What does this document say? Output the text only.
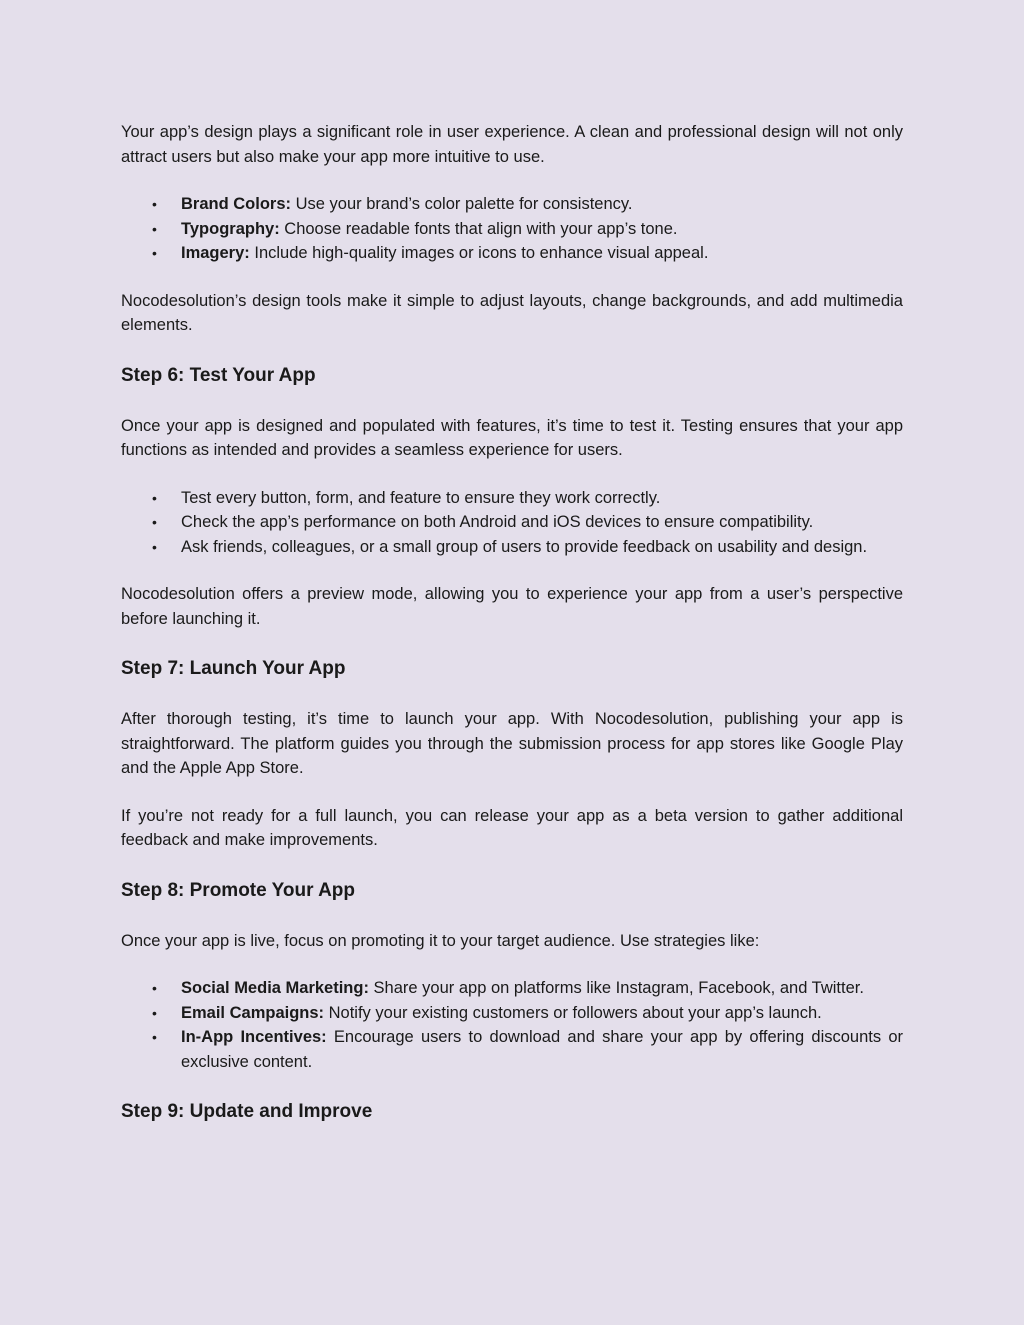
Your app’s design plays a significant role in user experience. A clean and professional design will not only attract users but also make your app more intuitive to use.

• Brand Colors: Use your brand’s color palette for consistency.
• Typography: Choose readable fonts that align with your app’s tone.
• Imagery: Include high-quality images or icons to enhance visual appeal.

Nocodesolution’s design tools make it simple to adjust layouts, change backgrounds, and add multimedia elements.

Step 6: Test Your App

Once your app is designed and populated with features, it’s time to test it. Testing ensures that your app functions as intended and provides a seamless experience for users.

• Test every button, form, and feature to ensure they work correctly.
• Check the app’s performance on both Android and iOS devices to ensure compatibility.
• Ask friends, colleagues, or a small group of users to provide feedback on usability and design.

Nocodesolution offers a preview mode, allowing you to experience your app from a user’s perspective before launching it.

Step 7: Launch Your App

After thorough testing, it’s time to launch your app. With Nocodesolution, publishing your app is straightforward. The platform guides you through the submission process for app stores like Google Play and the Apple App Store.

If you’re not ready for a full launch, you can release your app as a beta version to gather additional feedback and make improvements.

Step 8: Promote Your App

Once your app is live, focus on promoting it to your target audience. Use strategies like:

• Social Media Marketing: Share your app on platforms like Instagram, Facebook, and Twitter.
• Email Campaigns: Notify your existing customers or followers about your app’s launch.
• In-App Incentives: Encourage users to download and share your app by offering discounts or exclusive content.
Step 9: Update and Improve
